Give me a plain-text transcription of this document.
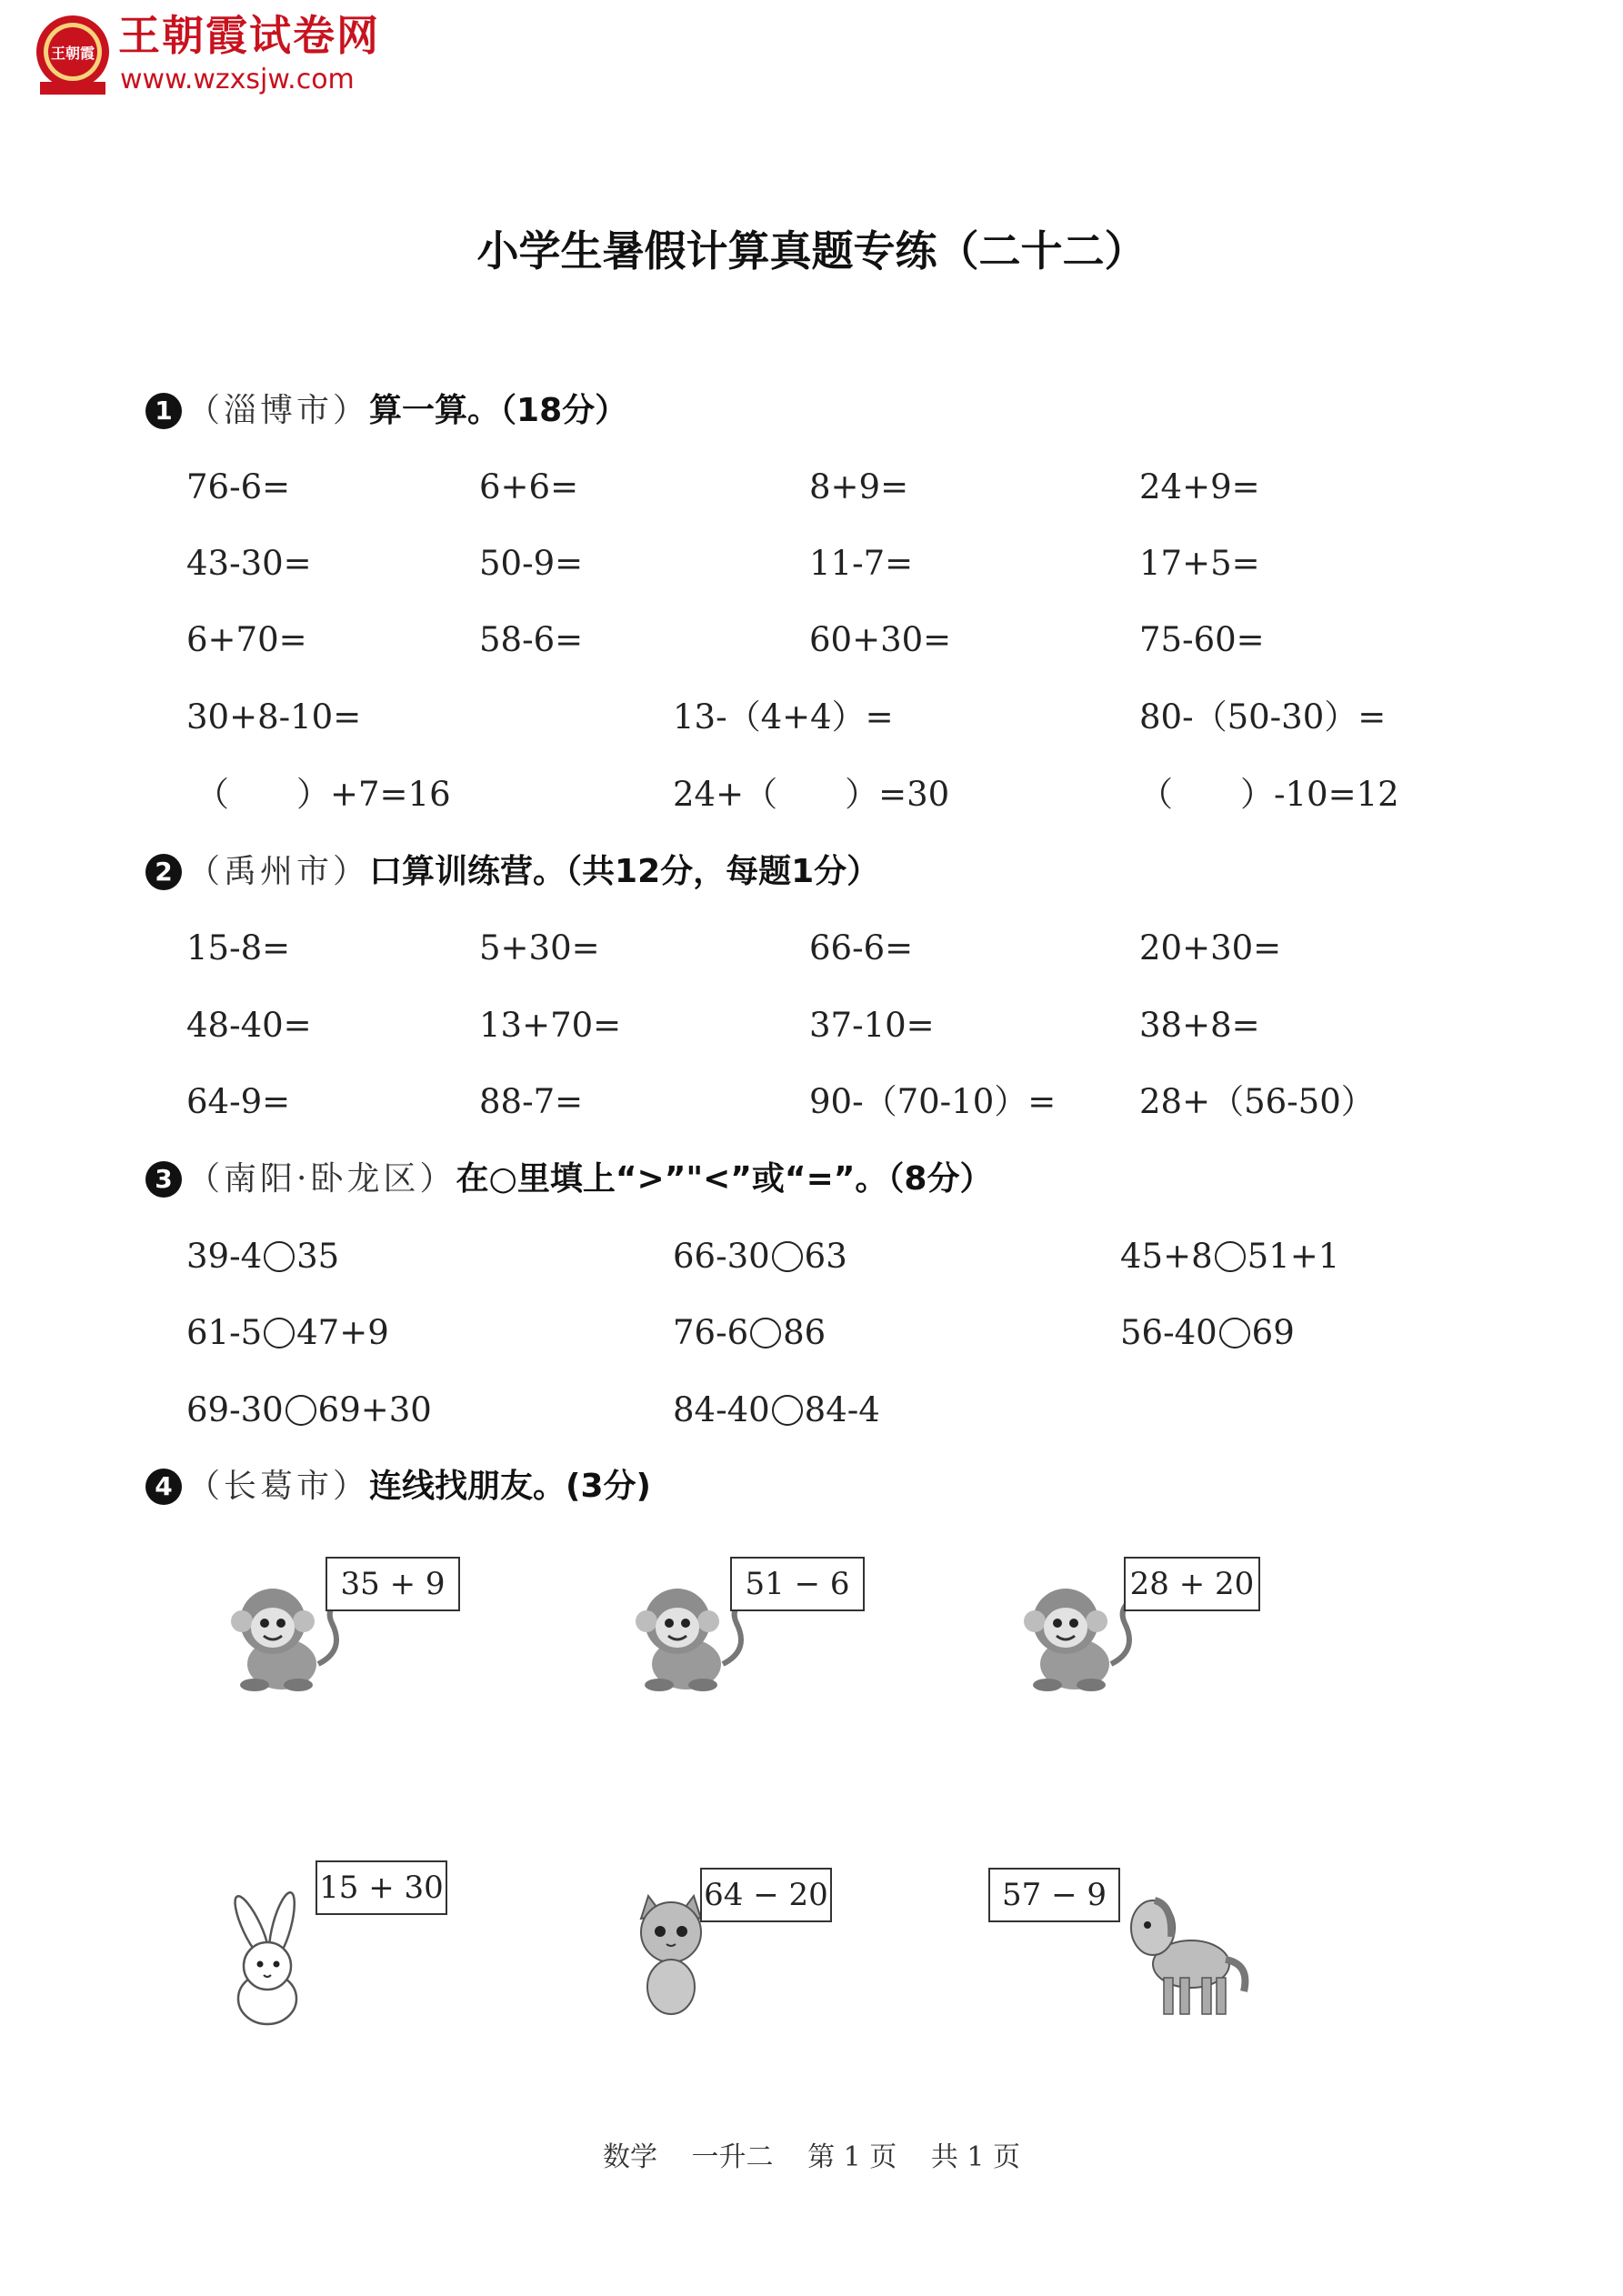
王朝霞 王朝霞试卷网
www.wzxsjw.com
小学生暑假计算真题专练（二十二）
1 （淄博市） 算一算。（18分）
76-6=	6+6=	8+9=	24+9=
43-30=	50-9=	11-7=	17+5=
6+70=	58-6=	60+30=	75-60=
30+8-10=	13-（4+4）=	80-（50-30）=
（　　）+7=16	24+（　　）=30	（　　）-10=12
2 （禹州市） 口算训练营。（共12分，每题1分）
15-8=	5+30=	66-6=	20+30=
48-40=	13+70=	37-10=	38+8=
64-9=	88-7=	90-（70-10）= 28+（56-50）
3 （南阳·卧龙区） 在○里填上“>”"<”或“=”。（8分）
39-4 35	66-30 63	45+8 51+1
61-5 47+9	76-6 86	56-40 69
69-30 69+30	84-40 84-4
4 （长葛市） 连线找朋友。(3分)
35 + 9	51 − 6	28 + 20
15 + 30	64 − 20	57 − 9
数学 一升二 第 1 页 共 1 页
